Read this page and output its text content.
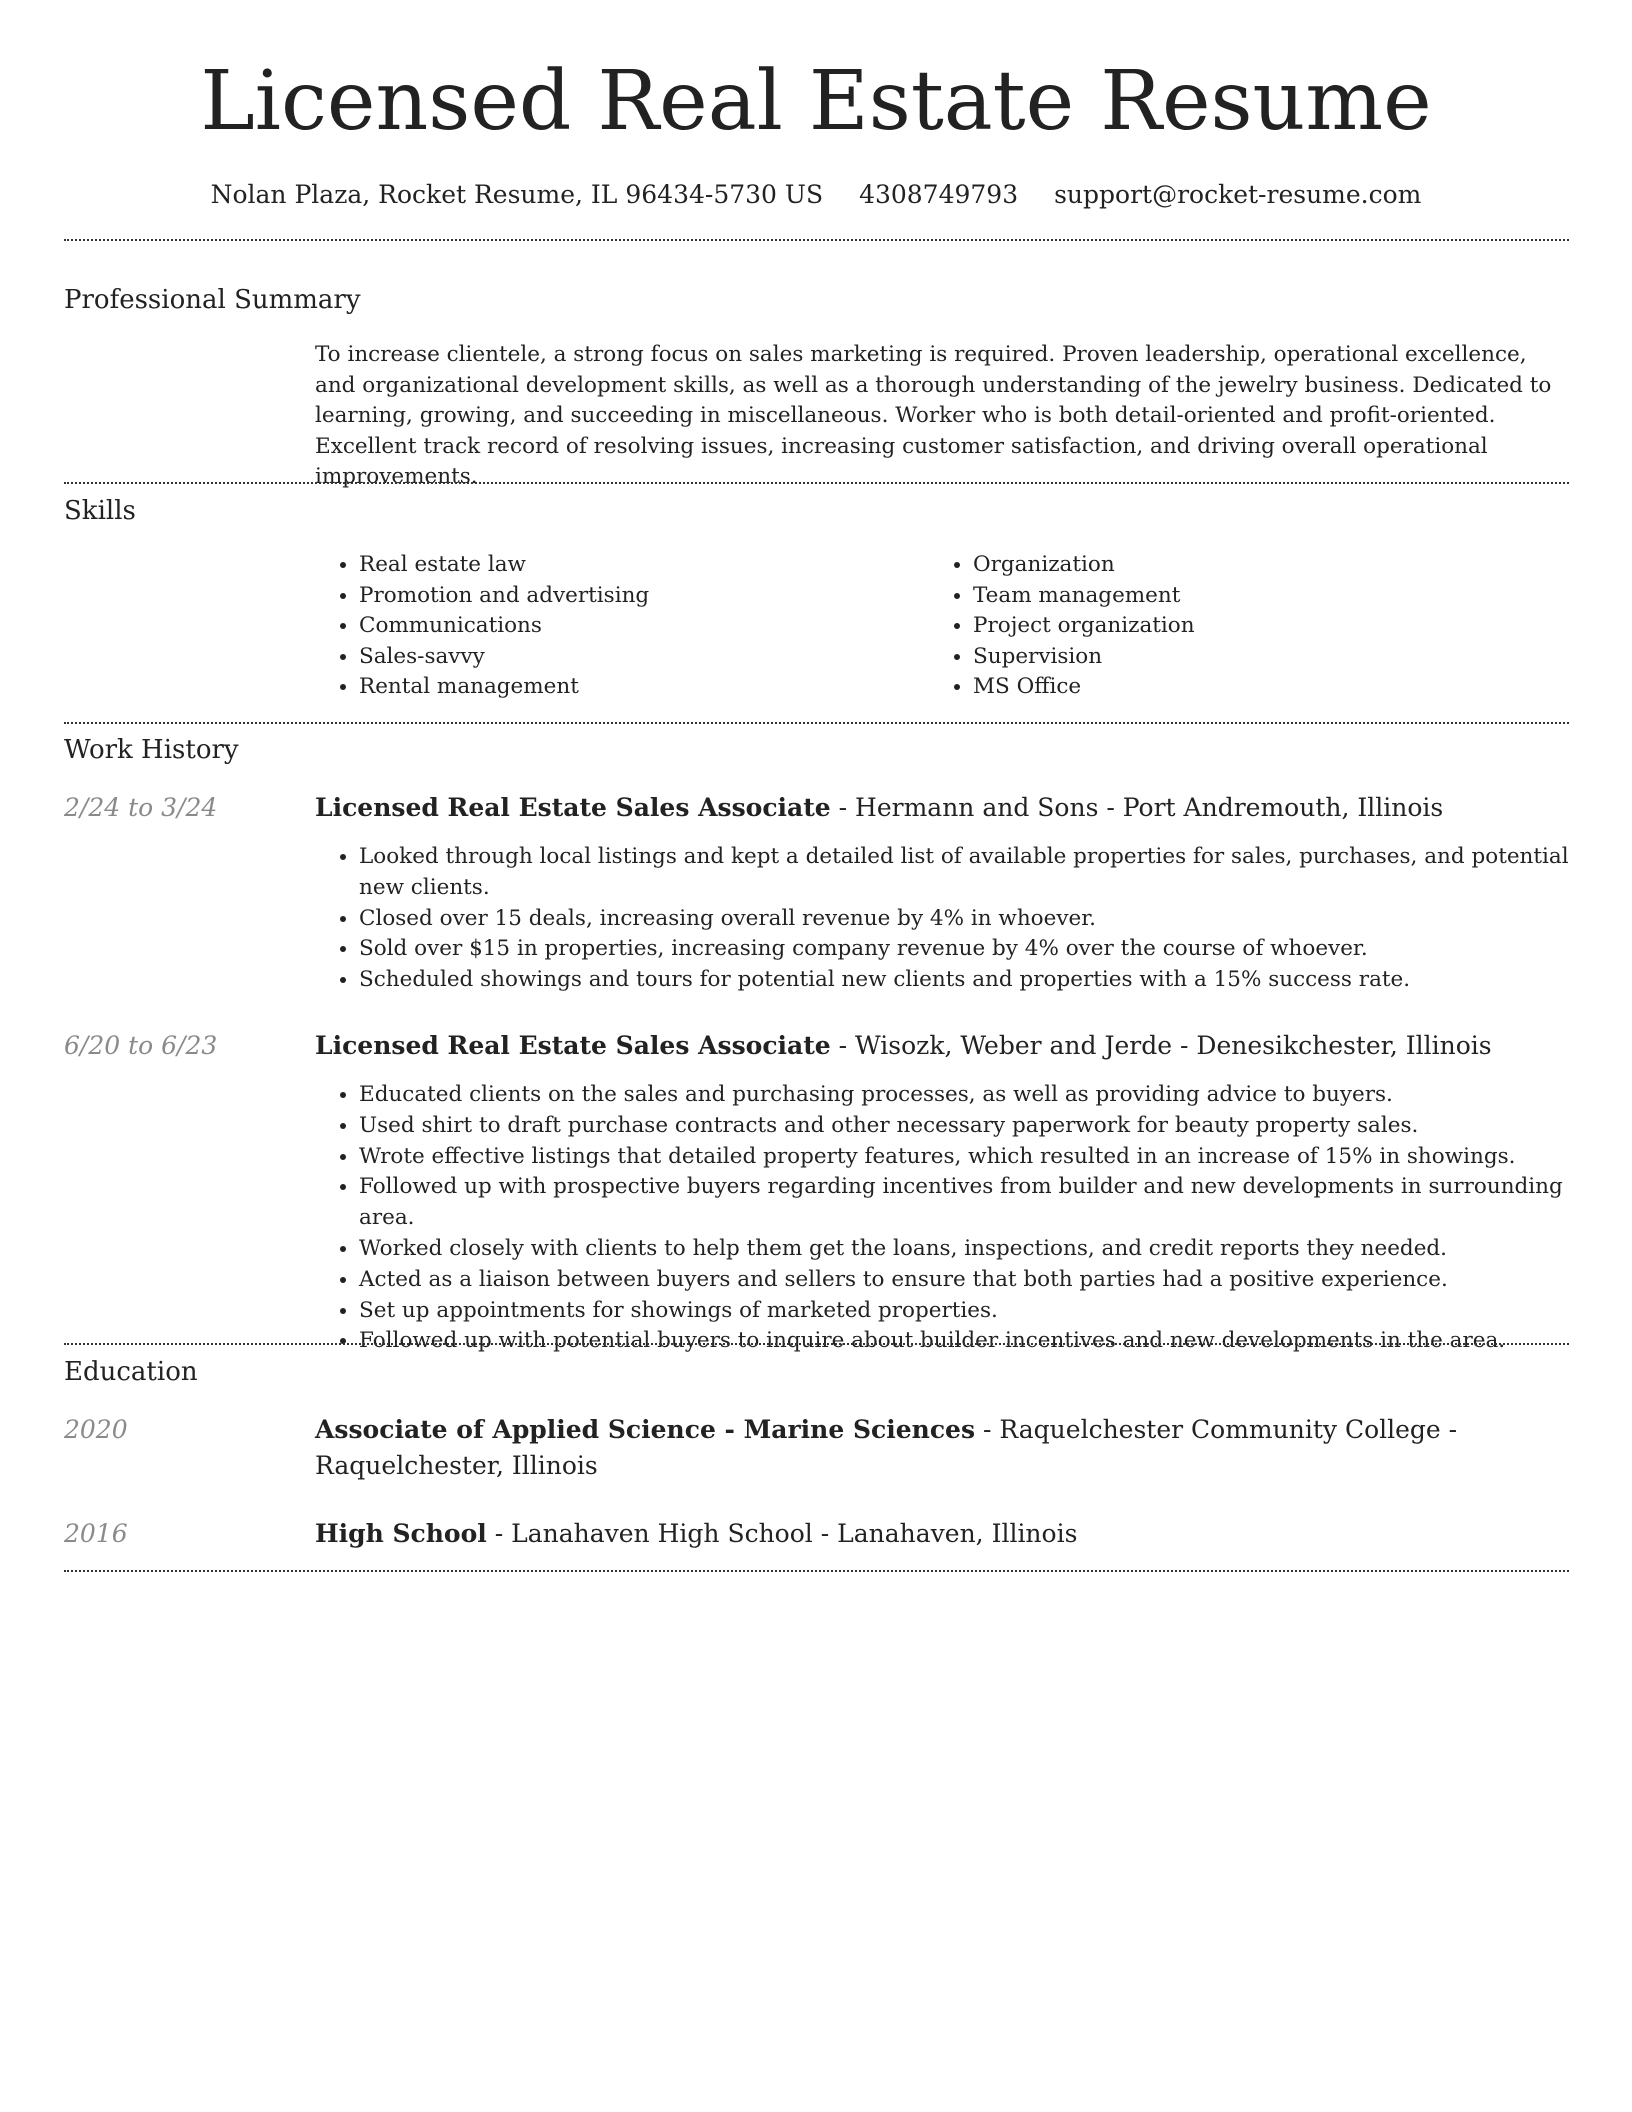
Licensed Real Estate Resume
Nolan Plaza, Rocket Resume, IL 96434-5730 US 4308749793 support@rocket-resume.com
Professional Summary

To increase clientele, a strong focus on sales marketing is required. Proven leadership, operational excellence, and organizational development skills, as well as a thorough understanding of the jewelry business. Dedicated to learning, growing, and succeeding in miscellaneous. Worker who is both detail-oriented and profit-oriented. Excellent track record of resolving issues, increasing customer satisfaction, and driving overall operational improvements.

Skills
• Real estate law
• Promotion and advertising
• Communications
• Sales-savvy
• Rental management
• Organization
• Team management
• Project organization
• Supervision
• MS Office
Work History
2/24 to 3/24	Licensed Real Estate Sales Associate - Hermann and Sons - Port Andremouth, Illinois

• Looked through local listings and kept a detailed list of available properties for sales, purchases, and potential new clients.
• Closed over 15 deals, increasing overall revenue by 4% in whoever.
• Sold over $15 in properties, increasing company revenue by 4% over the course of whoever.
• Scheduled showings and tours for potential new clients and properties with a 15% success rate.
6/20 to 6/23	Licensed Real Estate Sales Associate - Wisozk, Weber and Jerde - Denesikchester, Illinois

• Educated clients on the sales and purchasing processes, as well as providing advice to buyers.
• Used shirt to draft purchase contracts and other necessary paperwork for beauty property sales.
• Wrote effective listings that detailed property features, which resulted in an increase of 15% in showings.
• Followed up with prospective buyers regarding incentives from builder and new developments in surrounding area.
• Worked closely with clients to help them get the loans, inspections, and credit reports they needed.
• Acted as a liaison between buyers and sellers to ensure that both parties had a positive experience.
• Set up appointments for showings of marketed properties.
• Followed up with potential buyers to inquire about builder incentives and new developments in the area.
Education
2020	Associate of Applied Science - Marine Sciences - Raquelchester Community College - Raquelchester, Illinois

2016	High School - Lanahaven High School - Lanahaven, Illinois
